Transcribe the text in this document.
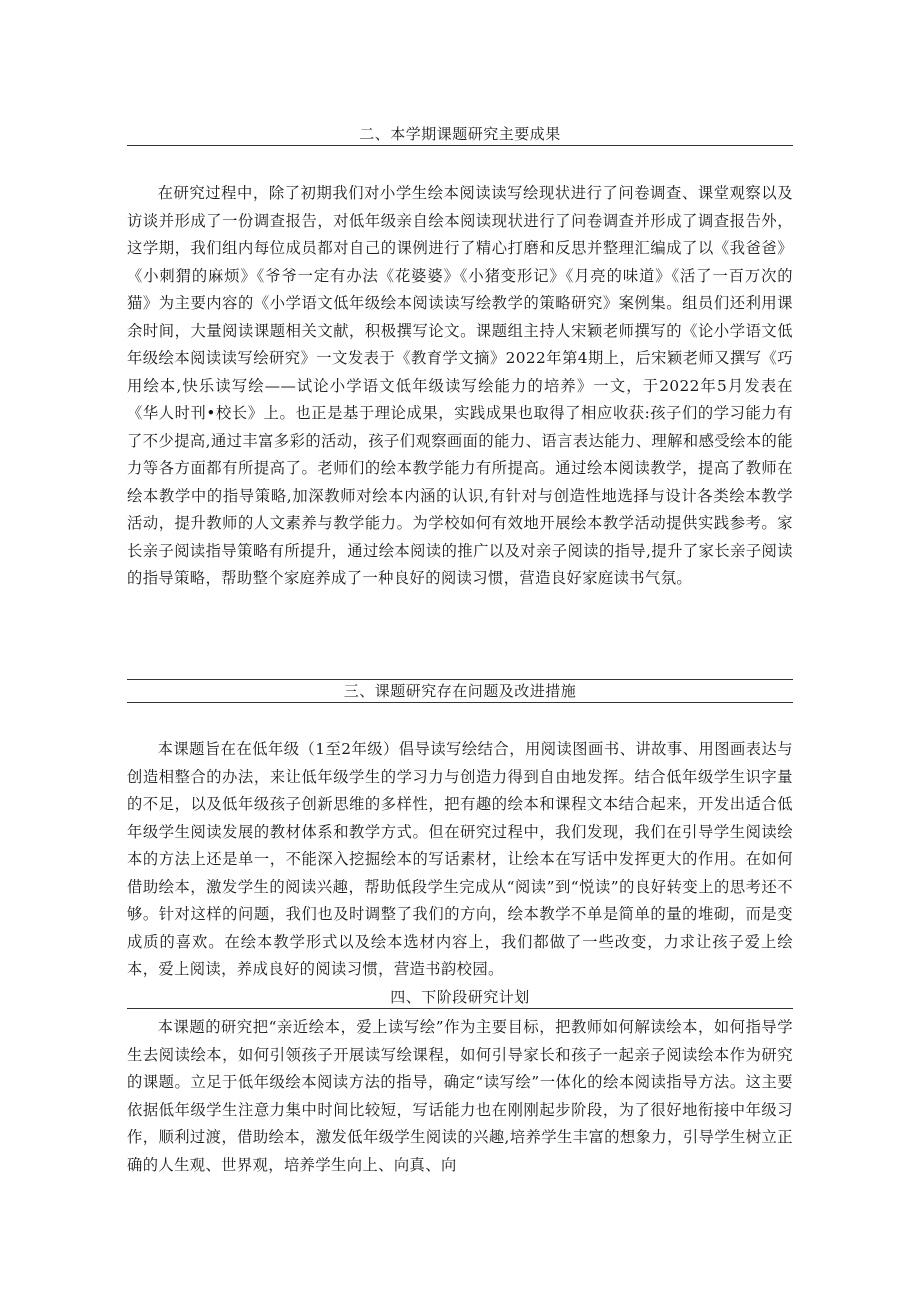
二、本学期课题研究主要成果

在研究过程中，除了初期我们对小学生绘本阅读读写绘现状进行了问卷调查、课堂观察以及访谈并形成了一份调查报告，对低年级亲自绘本阅读现状进行了问卷调查并形成了调查报告外，这学期，我们组内每位成员都对自己的课例进行了精心打磨和反思并整理汇编成了以《我爸爸》《小刺猬的麻烦》《爷爷一定有办法《花婆婆》《小猪变形记》《月亮的味道》《活了一百万次的猫》为主要内容的《小学语文低年级绘本阅读读写绘教学的策略研究》案例集。组员们还利用课余时间，大量阅读课题相关文献，积极撰写论文。课题组主持人宋颖老师撰写的《论小学语文低年级绘本阅读读写绘研究》一文发表于《教育学文摘》2022年第4期上，后宋颖老师又撰写《巧用绘本,快乐读写绘——试论小学语文低年级读写绘能力的培养》一文，于2022年5月发表在《华人时刊•校长》上。也正是基于理论成果，实践成果也取得了相应收获:孩子们的学习能力有了不少提高,通过丰富多彩的活动，孩子们观察画面的能力、语言表达能力、理解和感受绘本的能力等各方面都有所提高了。老师们的绘本教学能力有所提高。通过绘本阅读教学，提高了教师在绘本教学中的指导策略,加深教师对绘本内涵的认识,有针对与创造性地选择与设计各类绘本教学活动，提升教师的人文素养与教学能力。为学校如何有效地开展绘本教学活动提供实践参考。家长亲子阅读指导策略有所提升，通过绘本阅读的推广以及对亲子阅读的指导,提升了家长亲子阅读的指导策略，帮助整个家庭养成了一种良好的阅读习惯，营造良好家庭读书气氛。

三、课题研究存在问题及改进措施

本课题旨在在低年级（1至2年级）倡导读写绘结合，用阅读图画书、讲故事、用图画表达与创造相整合的办法，来让低年级学生的学习力与创造力得到自由地发挥。结合低年级学生识字量的不足，以及低年级孩子创新思维的多样性，把有趣的绘本和课程文本结合起来，开发出适合低年级学生阅读发展的教材体系和教学方式。但在研究过程中，我们发现，我们在引导学生阅读绘本的方法上还是单一，不能深入挖掘绘本的写话素材，让绘本在写话中发挥更大的作用。在如何借助绘本，激发学生的阅读兴趣，帮助低段学生完成从“阅读”到“悦读”的良好转变上的思考还不够。针对这样的问题，我们也及时调整了我们的方向，绘本教学不单是简单的量的堆砌，而是变成质的喜欢。在绘本教学形式以及绘本选材内容上，我们都做了一些改变，力求让孩子爱上绘本，爱上阅读，养成良好的阅读习惯，营造书韵校园。

四、下阶段研究计划

本课题的研究把“亲近绘本，爱上读写绘”作为主要目标，把教师如何解读绘本，如何指导学生去阅读绘本，如何引领孩子开展读写绘课程，如何引导家长和孩子一起亲子阅读绘本作为研究的课题。立足于低年级绘本阅读方法的指导，确定“读写绘”一体化的绘本阅读指导方法。这主要依据低年级学生注意力集中时间比较短，写话能力也在刚刚起步阶段，为了很好地衔接中年级习作，顺利过渡，借助绘本，激发低年级学生阅读的兴趣,培养学生丰富的想象力，引导学生树立正确的人生观、世界观，培养学生向上、向真、向
